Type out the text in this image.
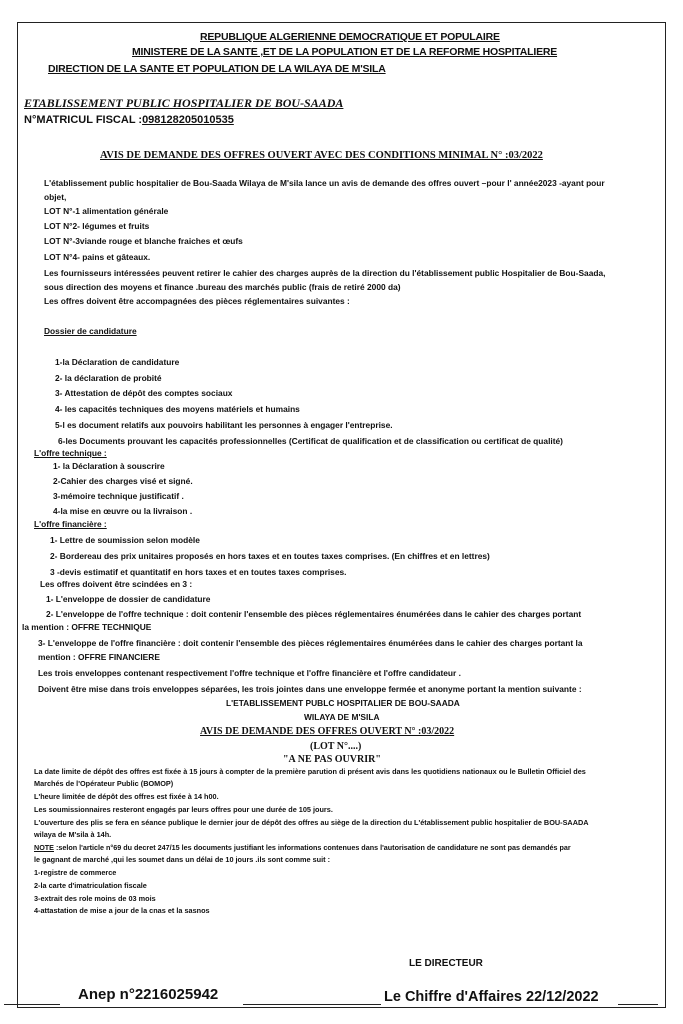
REPUBLIQUE ALGERIENNE DEMOCRATIQUE ET POPULAIRE
MINISTERE DE LA SANTE ,ET DE LA POPULATION ET DE LA REFORME HOSPITALIERE
DIRECTION DE LA SANTE ET POPULATION DE LA WILAYA DE M'SILA
ETABLISSEMENT PUBLIC HOSPITALIER DE BOU-SAADA
N°MATRICUL FISCAL :098128205010535
AVIS DE DEMANDE DES OFFRES OUVERT AVEC DES CONDITIONS MINIMAL N° :03/2022
L'établissement public hospitalier de Bou-Saada Wilaya de M'sila lance un avis de demande des offres ouvert –pour l' année2023 -ayant pour
objet,
LOT N°-1 alimentation générale
LOT N°2- légumes et fruits
LOT N°-3viande rouge et blanche fraiches et œufs
LOT N°4- pains et gâteaux.
Les fournisseurs intéressées peuvent retirer le cahier des charges auprès de la direction du l'établissement public Hospitalier de Bou-Saada,
sous direction des moyens et finance .bureau des marchés public (frais de retiré 2000 da)
Les offres doivent être accompagnées des pièces réglementaires suivantes :
Dossier de candidature
1-la Déclaration de candidature
2- la déclaration de probité
3- Attestation de dépôt des comptes sociaux
4- les capacités techniques des moyens matériels et humains
5-l es document relatifs aux pouvoirs habilitant les personnes à engager l'entreprise.
6-les Documents prouvant les capacités professionnelles (Certificat de qualification et de classification ou certificat de qualité)
L'offre technique :
1- la Déclaration à souscrire
2-Cahier des charges visé et signé.
3-mémoire technique justificatif .
4-la mise en œuvre ou la livraison .
L'offre financière :
1- Lettre de soumission selon modèle
2- Bordereau des prix unitaires proposés en hors taxes et en toutes taxes comprises. (En chiffres et en lettres)
3 -devis estimatif et quantitatif en hors taxes et en toutes taxes comprises.
Les offres doivent être scindées en 3 :
1- L'enveloppe de dossier de candidature
2- L'enveloppe de l'offre technique : doit contenir l'ensemble des pièces réglementaires énumérées dans le cahier des charges portant
la mention : OFFRE TECHNIQUE
3- L'enveloppe de l'offre financière : doit contenir l'ensemble des pièces réglementaires énumérées dans le cahier des charges portant la
mention : OFFRE FINANCIERE
Les trois enveloppes contenant respectivement l'offre technique et l'offre financière et l'offre candidateur .
Doivent être mise dans trois enveloppes séparées, les trois jointes dans une enveloppe fermée et anonyme portant la mention suivante :
L'ETABLISSEMENT PUBLC HOSPITALIER DE BOU-SAADA
WILAYA DE M'SILA
AVIS DE DEMANDE DES OFFRES OUVERT N° :03/2022
(LOT N°....)
"A NE PAS OUVRIR"
La date limite de dépôt des offres est fixée à 15 jours à compter de la première parution di présent avis dans les quotidiens nationaux ou le Bulletin Officiel des
Marchés de l'Opérateur Public (BOMOP)
L'heure limitée de dépôt des offres est fixée à 14 h00.
Les soumissionnaires resteront engagés par leurs offres pour une durée de 105 jours.
L'ouverture des plis se fera en séance publique le dernier jour de dépôt des offres au siège de la direction du L'établissement public hospitalier de BOU-SAADA
wilaya de M'sila à 14h.
NOTE :selon l'article n°69 du decret 247/15 les documents justifiant les informations contenues dans l'autorisation de candidature ne sont pas demandés par
le gagnant de marché ,qui les soumet dans un délai de 10 jours .ils sont comme suit :
1-registre de commerce
2-la carte d'imatriculation fiscale
3-extrait des role moins de 03 mois
4-attastation de mise a jour de la cnas et la sasnos
LE DIRECTEUR
Anep n°2216025942	Le Chiffre d'Affaires 22/12/2022
